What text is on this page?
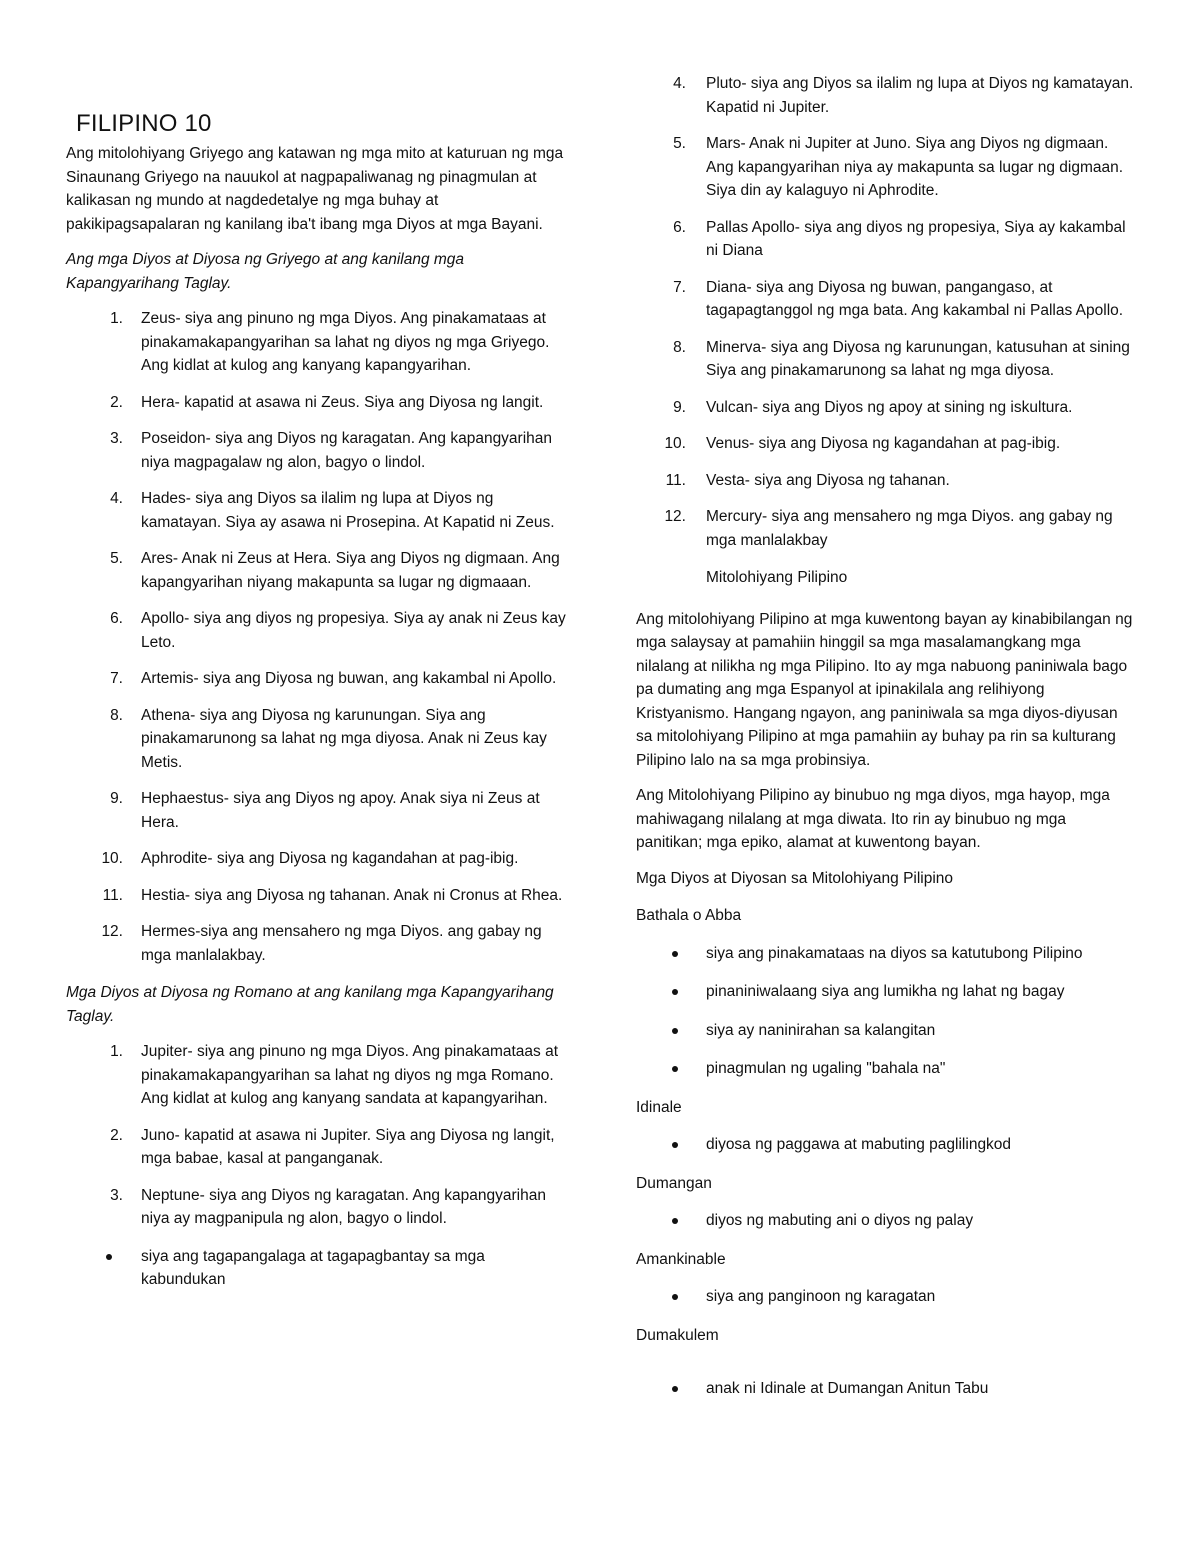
FILIPINO 10

Ang mitolohiyang Griyego ang katawan ng mga mito at katuruan ng mga Sinaunang Griyego na nauukol at nagpapaliwanag ng pinagmulan at kalikasan ng mundo at nagdedetalye ng mga buhay at pakikipagsapalaran ng kanilang iba't ibang mga Diyos at mga Bayani.

Ang mga Diyos at Diyosa ng Griyego at ang kanilang mga Kapangyarihang Taglay.

1. Zeus- siya ang pinuno ng mga Diyos. Ang pinakamataas at pinakamakapangyarihan sa lahat ng diyos ng mga Griyego. Ang kidlat at kulog ang kanyang kapangyarihan.
2. Hera- kapatid at asawa ni Zeus. Siya ang Diyosa ng langit.
3. Poseidon- siya ang Diyos ng karagatan. Ang kapangyarihan niya magpagalaw ng alon, bagyo o lindol.
4. Hades- siya ang Diyos sa ilalim ng lupa at Diyos ng kamatayan. Siya ay asawa ni Prosepina. At Kapatid ni Zeus.
5. Ares- Anak ni Zeus at Hera. Siya ang Diyos ng digmaan. Ang kapangyarihan niyang makapunta sa lugar ng digmaaan.
6. Apollo- siya ang diyos ng propesiya. Siya ay anak ni Zeus kay Leto.
7. Artemis- siya ang Diyosa ng buwan, ang kakambal ni Apollo.
8. Athena- siya ang Diyosa ng karunungan. Siya ang pinakamarunong sa lahat ng mga diyosa. Anak ni Zeus kay Metis.
9. Hephaestus- siya ang Diyos ng apoy. Anak siya ni Zeus at Hera.
10. Aphrodite- siya ang Diyosa ng kagandahan at pag-ibig.
11. Hestia- siya ang Diyosa ng tahanan. Anak ni Cronus at Rhea.
12. Hermes-siya ang mensahero ng mga Diyos. ang gabay ng mga manlalakbay.

Mga Diyos at Diyosa ng Romano at ang kanilang mga Kapangyarihang Taglay.

1. Jupiter- siya ang pinuno ng mga Diyos. Ang pinakamataas at pinakamakapangyarihan sa lahat ng diyos ng mga Romano. Ang kidlat at kulog ang kanyang sandata at kapangyarihan.
2. Juno- kapatid at asawa ni Jupiter. Siya ang Diyosa ng langit, mga babae, kasal at panganganak.
3. Neptune- siya ang Diyos ng karagatan. Ang kapangyarihan niya ay magpanipula ng alon, bagyo o lindol.
siya ang tagapangalaga at tagapagbantay sa mga kabundukan
4. Pluto- siya ang Diyos sa ilalim ng lupa at Diyos ng kamatayan. Kapatid ni Jupiter.
5. Mars- Anak ni Jupiter at Juno. Siya ang Diyos ng digmaan. Ang kapangyarihan niya ay makapunta sa lugar ng digmaan. Siya din ay kalaguyo ni Aphrodite.
6. Pallas Apollo- siya ang diyos ng propesiya, Siya ay kakambal ni Diana
7. Diana- siya ang Diyosa ng buwan, pangangaso, at tagapagtanggol ng mga bata. Ang kakambal ni Pallas Apollo.
8. Minerva- siya ang Diyosa ng karunungan, katusuhan at sining Siya ang pinakamarunong sa lahat ng mga diyosa.
9. Vulcan- siya ang Diyos ng apoy at sining ng iskultura.
10. Venus- siya ang Diyosa ng kagandahan at pag-ibig.
11. Vesta- siya ang Diyosa ng tahanan.
12. Mercury- siya ang mensahero ng mga Diyos. ang gabay ng mga manlalakbay
Mitolohiyang Pilipino

Ang mitolohiyang Pilipino at mga kuwentong bayan ay kinabibilangan ng mga salaysay at pamahiin hinggil sa mga masalamangkang mga nilalang at nilikha ng mga Pilipino. Ito ay mga nabuong paniniwala bago pa dumating ang mga Espanyol at ipinakilala ang relihiyong Kristyanismo. Hangang ngayon, ang paniniwala sa mga diyos-diyusan sa mitolohiyang Pilipino at mga pamahiin ay buhay pa rin sa kulturang Pilipino lalo na sa mga probinsiya.

Ang Mitolohiyang Pilipino ay binubuo ng mga diyos, mga hayop, mga mahiwagang nilalang at mga diwata. Ito rin ay binubuo ng mga panitikan; mga epiko, alamat at kuwentong bayan.

Mga Diyos at Diyosan sa Mitolohiyang Pilipino

Bathala o Abba

siya ang pinakamataas na diyos sa katutubong Pilipino
pinaniniwalaang siya ang lumikha ng lahat ng bagay
siya ay naninirahan sa kalangitan
pinagmulan ng ugaling "bahala na"

Idinale

diyosa ng paggawa at mabuting paglilingkod

Dumangan

diyos ng mabuting ani o diyos ng palay

Amankinable

siya ang panginoon ng karagatan

Dumakulem

anak ni Idinale at Dumangan Anitun Tabu
